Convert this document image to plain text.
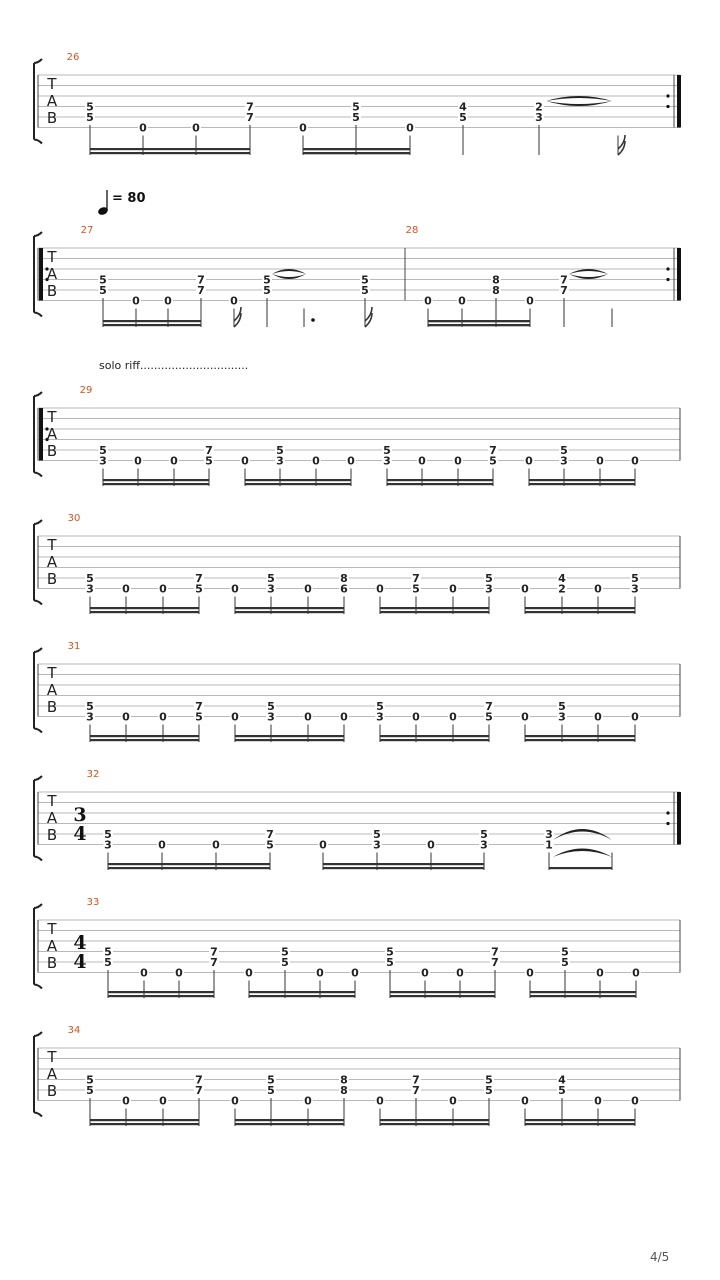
T
A
B
26
5
5
0	0
7
7
0
5
5
0
4
5
2
3
T
A
B
27
5
5
0 0
7
7
0
5
5
5
5
28
0 0
8
8
0
7
7
T
A
B
29
5
3 0	0
7
5	0
5
3	0 0
5
3 0	0
7
5	0
5
3	0 0
T
A
B
30
5
3	0	0
7
5	0
5
3	0
8
6	0
7
5	0
5
3	0
4
2	0
5
3
T
A
B
31
5
3	0	0
7
5	0
5
3	0	0
5
3	0	0
7
5	0
5
3	0	0
T
A
B
32
5
3	0	0
7
5	0
5
3	0
5
3
3
1
T
A
B
33
5
5
0 0
7
7
0
5
5
0 0
5
5
0 0
7
7
0
5
5
0	0
T
A
B
34
5
5
0	0
7
7
0
5
5
0
8
8
0
7
7
0
5
5
0
4
5
0	0
= 80
solo riff...............................
3
4
4
4
4/5
